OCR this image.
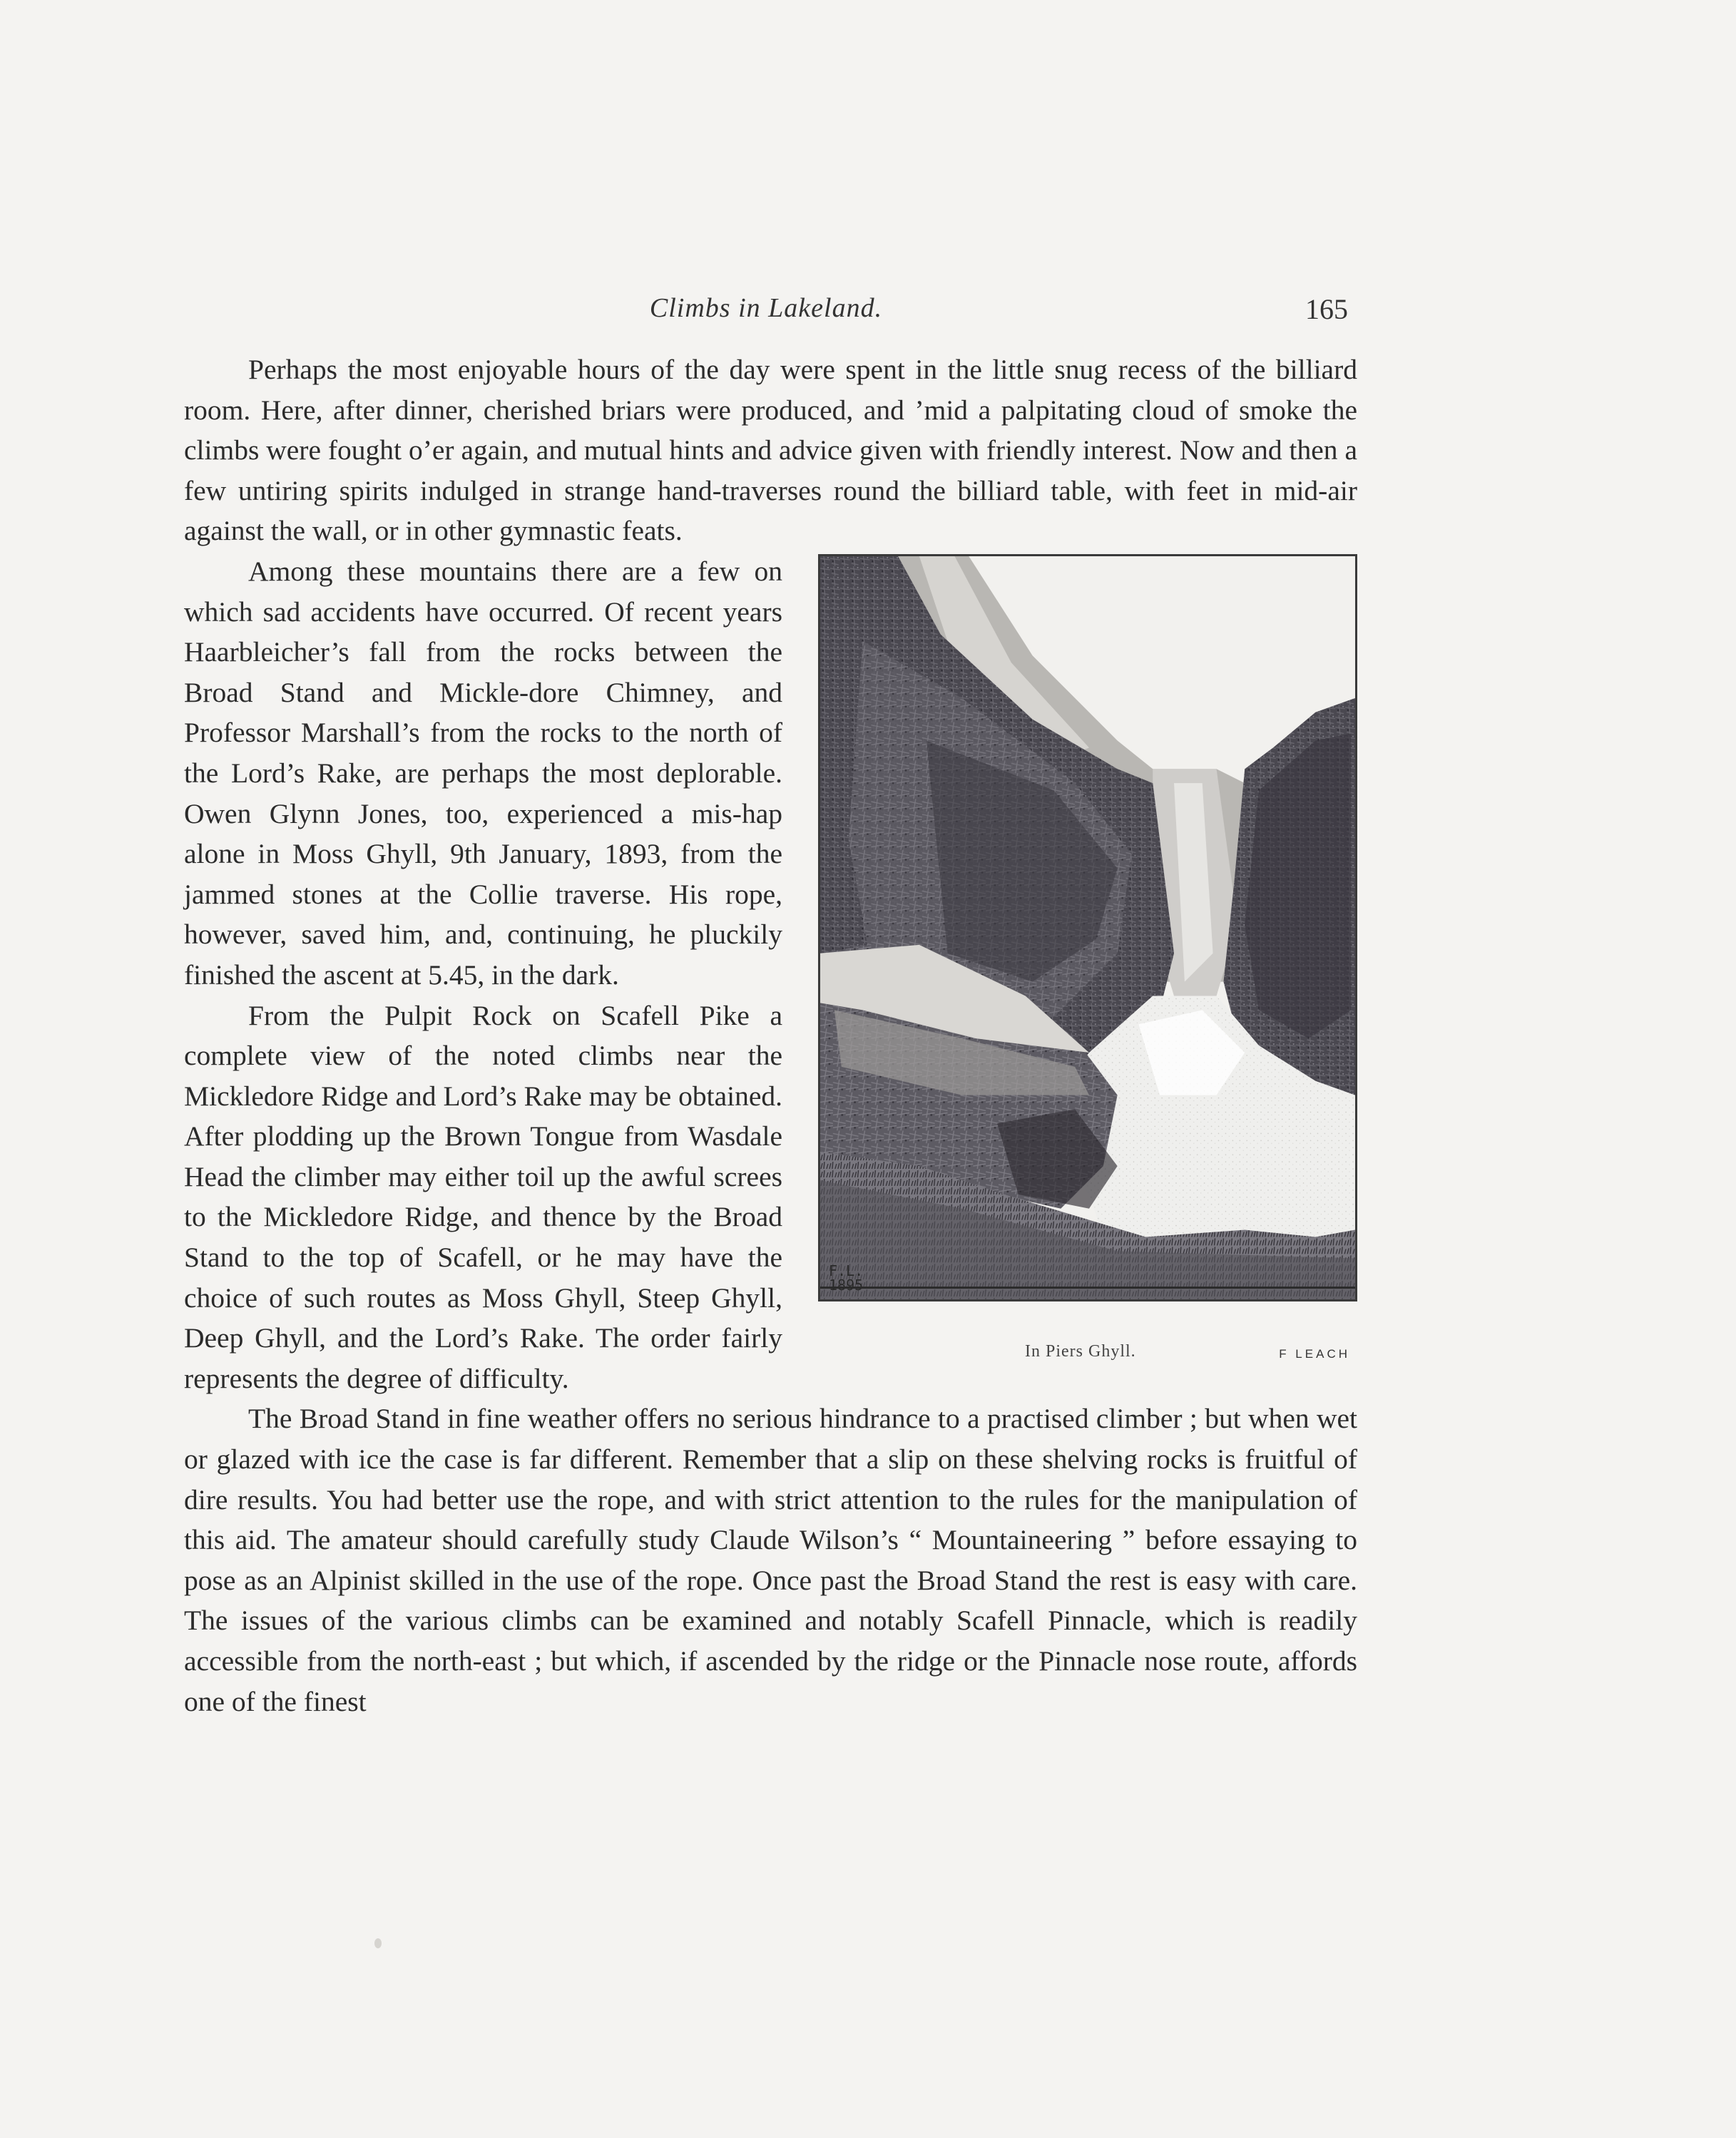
Climbs in Lakeland.	165

Perhaps the most enjoyable hours of the day were spent in the little snug recess of the billiard room. Here, after dinner, cherished briars were produced, and ’mid a palpitating cloud of smoke the climbs were fought o’er again, and mutual hints and advice given with friendly interest. Now and then a few untiring spirits indulged in strange hand-traverses round the billiard table, with feet in mid-air against the wall, or in other gymnastic feats.

F.L.
1895
In Piers Ghyll.	F LEACH

Among these mountains there are a few on which sad accidents have occurred. Of recent years Haarbleicher’s fall from the rocks between the Broad Stand and Mickle-dore Chimney, and Professor Marshall’s from the rocks to the north of the Lord’s Rake, are perhaps the most deplorable. Owen Glynn Jones, too, experienced a mis-hap alone in Moss Ghyll, 9th January, 1893, from the jammed stones at the Collie traverse. His rope, however, saved him, and, continuing, he pluckily finished the ascent at 5.45, in the dark.

From the Pulpit Rock on Scafell Pike a complete view of the noted climbs near the Mickledore Ridge and Lord’s Rake may be obtained. After plodding up the Brown Tongue from Wasdale Head the climber may either toil up the awful screes to the Mickledore Ridge, and thence by the Broad Stand to the top of Scafell, or he may have the choice of such routes as Moss Ghyll, Steep Ghyll, Deep Ghyll, and the Lord’s Rake. The order fairly represents the degree of difficulty.

The Broad Stand in fine weather offers no serious hindrance to a practised climber ; but when wet or glazed with ice the case is far different. Remember that a slip on these shelving rocks is fruitful of dire results. You had better use the rope, and with strict attention to the rules for the manipulation of this aid. The amateur should carefully study Claude Wilson’s “ Mountaineering ” before essaying to pose as an Alpinist skilled in the use of the rope. Once past the Broad Stand the rest is easy with care. The issues of the various climbs can be examined and notably Scafell Pinnacle, which is readily accessible from the north-east ; but which, if ascended by the ridge or the Pinnacle nose route, affords one of the finest
